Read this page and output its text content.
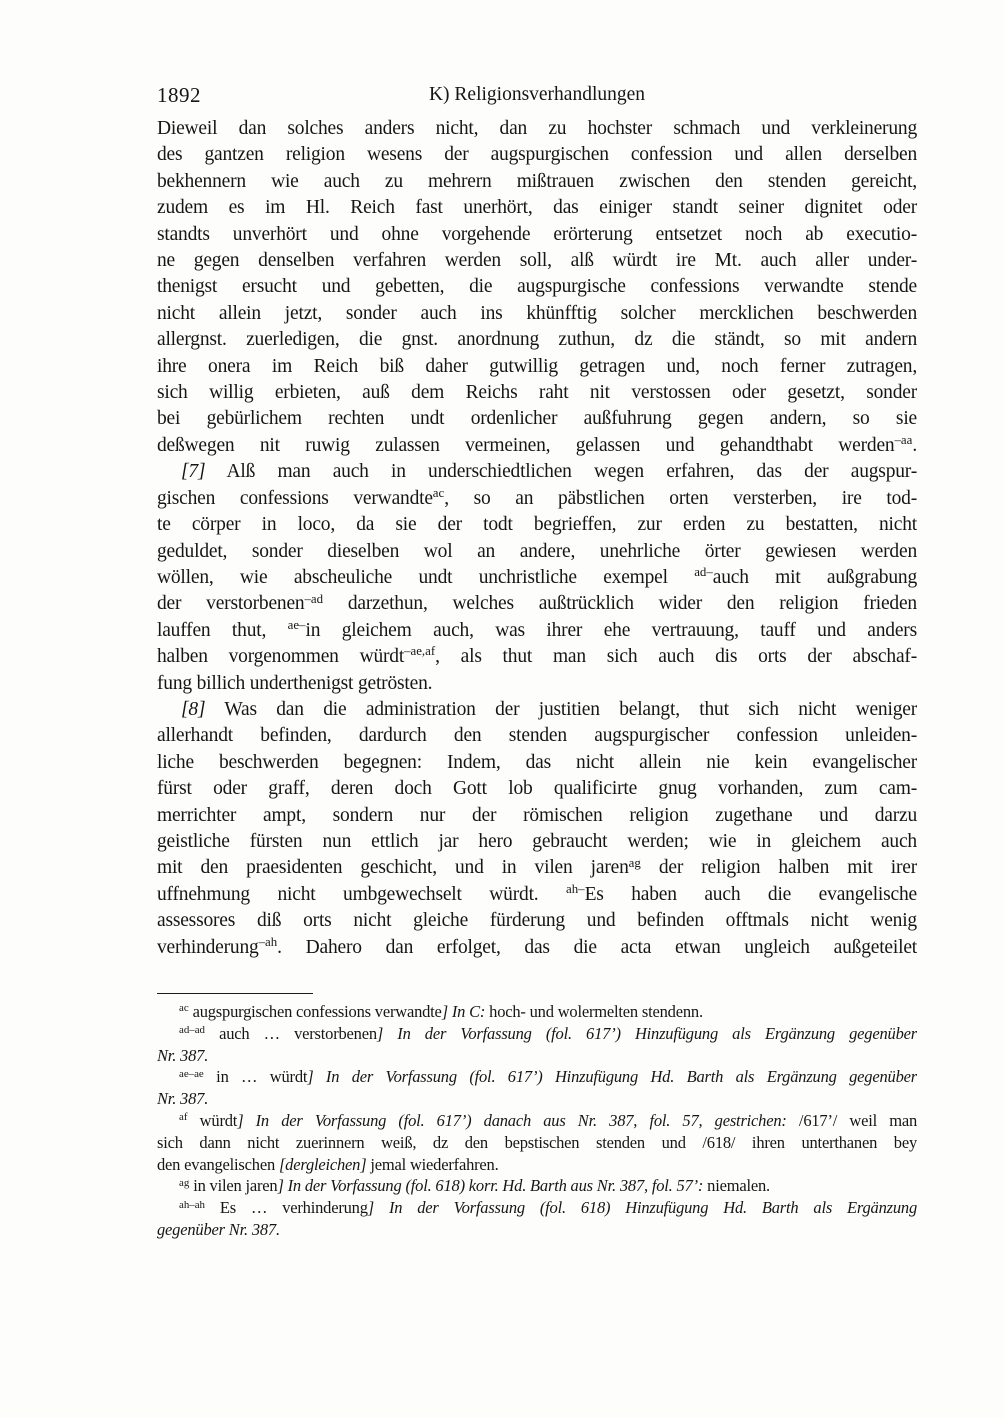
1892	K) Religionsverhandlungen
Dieweil dan solches anders nicht, dan zu hochster schmach und verkleinerung
des gantzen religion wesens der augspurgischen confession und allen derselben
bekhennern wie auch zu mehrern mißtrauen zwischen den stenden gereicht,
zudem es im Hl. Reich fast unerhört, das einiger standt seiner dignitet oder
standts unverhört und ohne vorgehende erörterung entsetzet noch ab executio-
ne gegen denselben verfahren werden soll, alß würdt ire Mt. auch aller under-
thenigst ersucht und gebetten, die augspurgische confessions verwandte stende
nicht allein jetzt, sonder auch ins khünfftig solcher mercklichen beschwerden
allergnst. zuerledigen, die gnst. anordnung zuthun, dz die ständt, so mit andern
ihre onera im Reich biß daher gutwillig getragen und, noch ferner zutragen,
sich willig erbieten, auß dem Reichs raht nit verstossen oder gesetzt, sonder
bei gebürlichem rechten undt ordenlicher außfuhrung gegen andern, so sie
deßwegen nit ruwig zulassen vermeinen, gelassen und gehandthabt werden$^{-aa}$.
[7] Alß man auch in underschiedtlichen wegen erfahren, das der augspur-
gischen confessions verwandte$^{ac}$, so an päbstlichen orten versterben, ire tod-
te cörper in loco, da sie der todt begrieffen, zur erden zu bestatten, nicht
geduldet, sonder dieselben wol an andere, unehrliche örter gewiesen werden
wöllen, wie abscheuliche undt unchristliche exempel $^{ad-}$auch mit außgrabung
der verstorbenen$^{-ad}$ darzethun, welches außtrücklich wider den religion frieden
lauffen thut, $^{ae-}$in gleichem auch, was ihrer ehe vertrauung, tauff und anders
halben vorgenommen würdt$^{-ae,af}$, als thut man sich auch dis orts der abschaf-
fung billich underthenigst getrösten.
[8] Was dan die administration der justitien belangt, thut sich nicht weniger
allerhandt befinden, dardurch den stenden augspurgischer confession unleiden-
liche beschwerden begegnen: Indem, das nicht allein nie kein evangelischer
fürst oder graff, deren doch Gott lob qualificirte gnug vorhanden, zum cam-
merrichter ampt, sondern nur der römischen religion zugethane und darzu
geistliche fürsten nun ettlich jar hero gebraucht werden; wie in gleichem auch
mit den praesidenten geschicht, und in vilen jaren$^{ag}$ der religion halben mit irer
uffnehmung nicht umbgewechselt würdt. $^{ah-}$Es haben auch die evangelische
assessores diß orts nicht gleiche fürderung und befinden offtmals nicht wenig
verhinderung$^{-ah}$. Dahero dan erfolget, das die acta etwan ungleich außgeteilet
$^{ac}$ augspurgischen confessions verwandte] In C: hoch- und wolermelten stendenn.
$^{ad-ad}$ auch … verstorbenen] In der Vorfassung (fol. 617’) Hinzufügung als Ergänzung gegenüber
Nr. 387.
$^{ae-ae}$ in … würdt] In der Vorfassung (fol. 617’) Hinzufügung Hd. Barth als Ergänzung gegenüber
Nr. 387.
$^{af}$ würdt] In der Vorfassung (fol. 617’) danach aus Nr. 387, fol. 57, gestrichen: /617’/ weil man
sich dann nicht zuerinnern weiß, dz den bepstischen stenden und /618/ ihren unterthanen bey
den evangelischen [dergleichen] jemal wiederfahren.
$^{ag}$ in vilen jaren] In der Vorfassung (fol. 618) korr. Hd. Barth aus Nr. 387, fol. 57’: niemalen.
$^{ah-ah}$ Es … verhinderung] In der Vorfassung (fol. 618) Hinzufügung Hd. Barth als Ergänzung
gegenüber Nr. 387.
